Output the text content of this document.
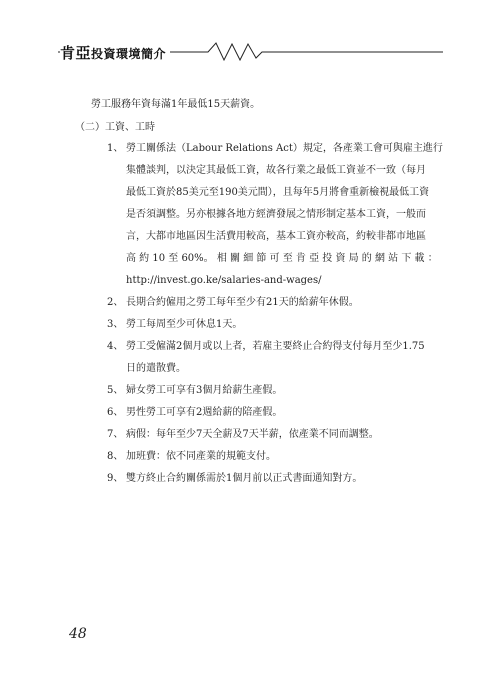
肯亞投資環境簡介
勞工服務年資每滿1年最低15天薪資。
（二）工資、工時
1、 勞工關係法（Labour Relations Act）規定，各產業工會可與雇主進行
集體談判，以決定其最低工資，故各行業之最低工資並不一致（每月
最低工資於85美元至190美元間），且每年5月將會重新檢視最低工資
是否須調整。另亦根據各地方經濟發展之情形制定基本工資，一般而
言，大都市地區因生活費用較高，基本工資亦較高，約較非都市地區
高 約 10 至 60%。 相 關 細 節 可 至 肯 亞 投 資 局 的 網 站 下 載 ：
http://invest.go.ke/salaries-and-wages/
2、 長期合約僱用之勞工每年至少有21天的給薪年休假。
3、 勞工每周至少可休息1天。
4、 勞工受僱滿2個月或以上者，若雇主要終止合約得支付每月至少1.75
日的遣散費。
5、 婦女勞工可享有3個月給薪生產假。
6、 男性勞工可享有2週給薪的陪產假。
7、 病假：每年至少7天全薪及7天半薪，依產業不同而調整。
8、 加班費：依不同產業的規範支付。
9、 雙方終止合約關係需於1個月前以正式書面通知對方。
48
